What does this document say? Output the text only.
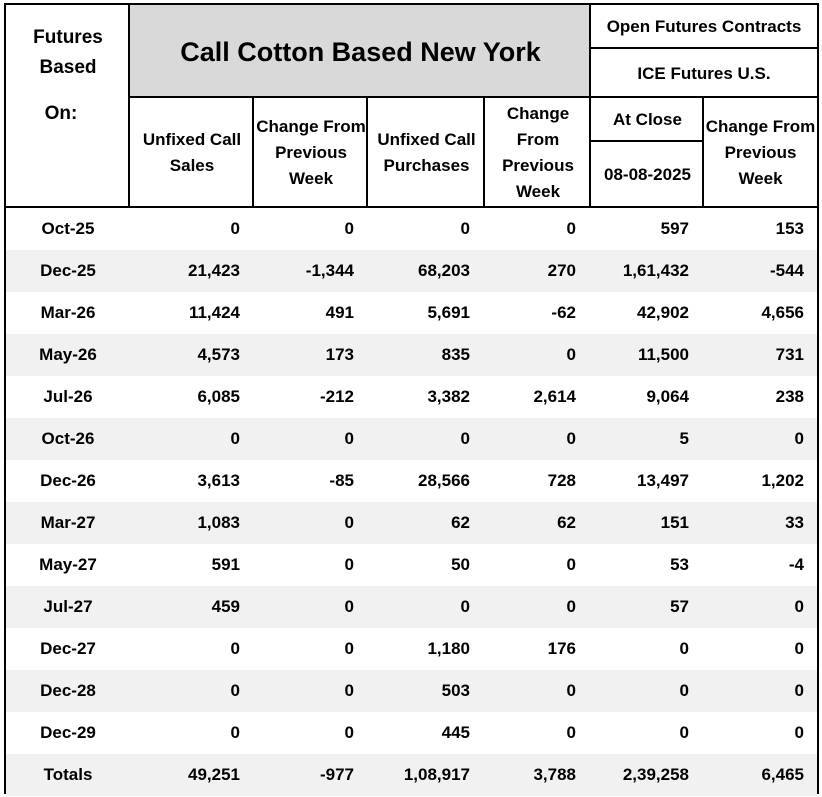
Call Cotton Based New York
Futures Based
On:
Open Futures Contracts
ICE Futures U.S.
Unfixed Call Sales
Change From Previous Week
Unfixed Call Purchases
Change From Previous Week
At Close
08-08-2025
Change From Previous Week
Oct-25	0	0	0	0	597	153
Dec-25	21,423	-1,344	68,203	270	1,61,432	-544
Mar-26	11,424	491	5,691	-62	42,902	4,656
May-26	4,573	173	835	0	11,500	731
Jul-26	6,085	-212	3,382	2,614	9,064	238
Oct-26	0	0	0	0	5	0
Dec-26	3,613	-85	28,566	728	13,497	1,202
Mar-27	1,083	0	62	62	151	33
May-27	591	0	50	0	53	-4
Jul-27	459	0	0	0	57	0
Dec-27	0	0	1,180	176	0	0
Dec-28	0	0	503	0	0	0
Dec-29	0	0	445	0	0	0
Totals	49,251	-977	1,08,917	3,788	2,39,258	6,465
